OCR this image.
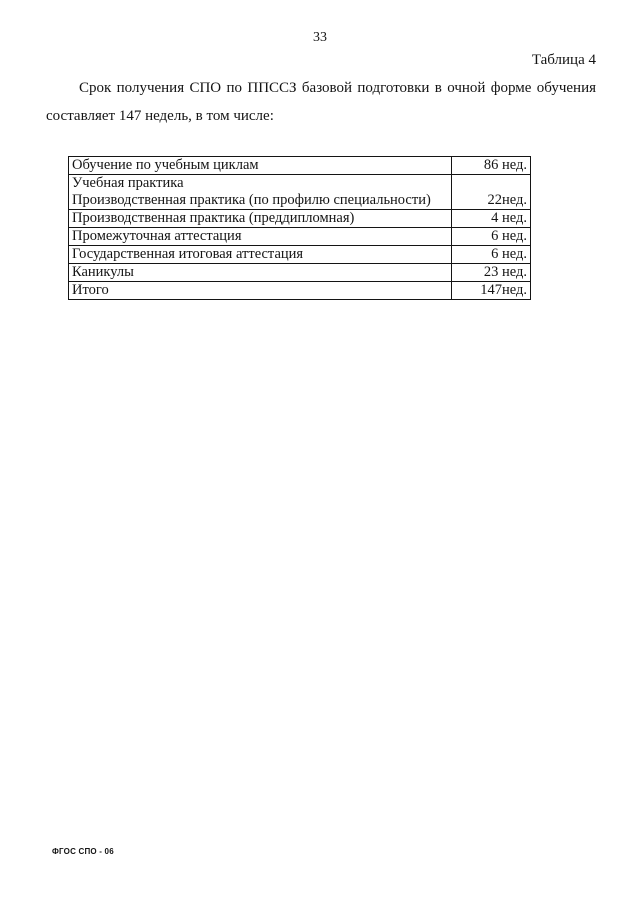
33
Таблица 4

Срок получения СПО по ППССЗ базовой подготовки в очной форме обучения составляет 147 недель, в том числе:

Обучение по учебным циклам	86 нед.

Учебная практика
Производственная практика (по профилю специальности)	22нед.
Производственная практика (преддипломная)	4 нед.
Промежуточная аттестация	6 нед.
Государственная итоговая аттестация	6 нед.
Каникулы	23 нед.
Итого	147нед.
ФГОС СПО - 06
